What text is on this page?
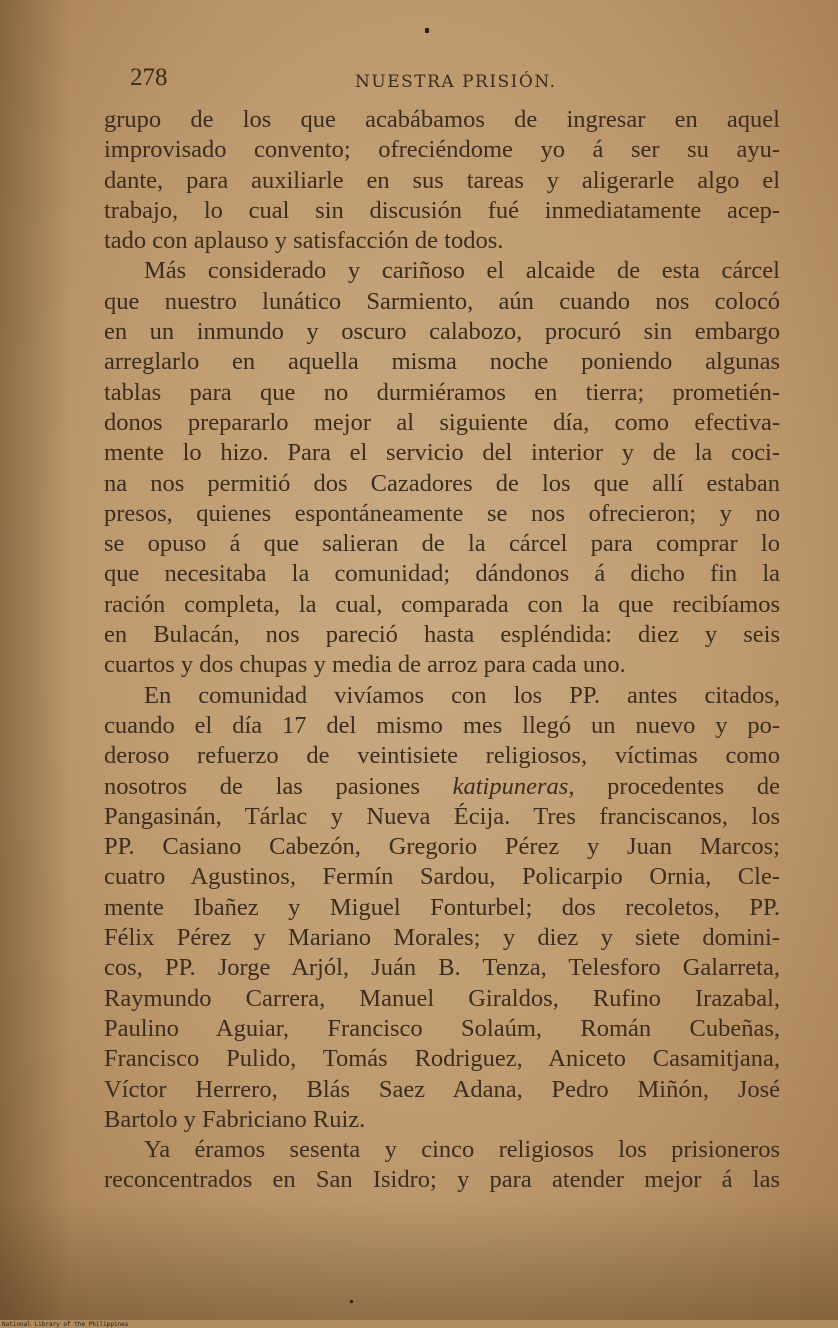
278	NUESTRA PRISIÓN.
grupo de los que acabábamos de ingresar en aquel
improvisado convento; ofreciéndome yo á ser su ayu-
dante, para auxiliarle en sus tareas y aligerarle algo el
trabajo, lo cual sin discusión fué inmediatamente acep-
tado con aplauso y satisfacción de todos.
Más considerado y cariñoso el alcaide de esta cárcel
que nuestro lunático Sarmiento, aún cuando nos colocó
en un inmundo y oscuro calabozo, procuró sin embargo
arreglarlo en aquella misma noche poniendo algunas
tablas para que no durmiéramos en tierra; prometién-
donos prepararlo mejor al siguiente día, como efectiva-
mente lo hizo. Para el servicio del interior y de la coci-
na nos permitió dos Cazadores de los que allí estaban
presos, quienes espontáneamente se nos ofrecieron; y no
se opuso á que salieran de la cárcel para comprar lo
que necesitaba la comunidad; dándonos á dicho fin la
ración completa, la cual, comparada con la que recibíamos
en Bulacán, nos pareció hasta espléndida: diez y seis
cuartos y dos chupas y media de arroz para cada uno.
En comunidad vivíamos con los PP. antes citados,
cuando el día 17 del mismo mes llegó un nuevo y po-
deroso refuerzo de veintisiete religiosos, víctimas como
nosotros de las pasiones katipuneras, procedentes de
Pangasinán, Tárlac y Nueva Écija. Tres franciscanos, los
PP. Casiano Cabezón, Gregorio Pérez y Juan Marcos;
cuatro Agustinos, Fermín Sardou, Policarpio Ornia, Cle-
mente Ibañez y Miguel Fonturbel; dos recoletos, PP.
Félix Pérez y Mariano Morales; y diez y siete domini-
cos, PP. Jorge Arjól, Juán B. Tenza, Telesforo Galarreta,
Raymundo Carrera, Manuel Giraldos, Rufino Irazabal,
Paulino Aguiar, Francisco Solaúm, Román Cubeñas,
Francisco Pulido, Tomás Rodriguez, Aniceto Casamitjana,
Víctor Herrero, Blás Saez Adana, Pedro Miñón, José
Bartolo y Fabriciano Ruiz.
Ya éramos sesenta y cinco religiosos los prisioneros
reconcentrados en San Isidro; y para atender mejor á las
National Library of the Philippines
